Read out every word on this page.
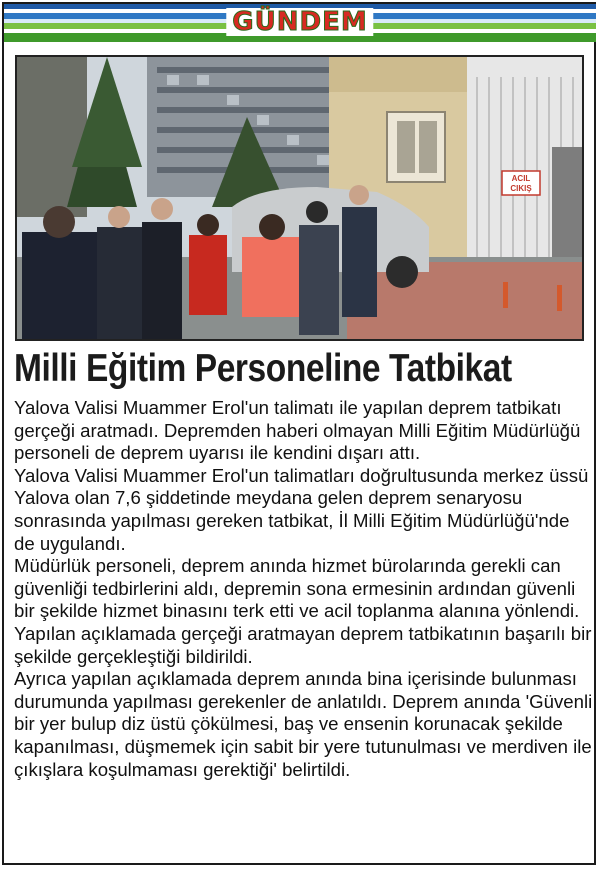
GÜNDEM
ACIL
CIKIŞ
Milli Eğitim Personeline Tatbikat

Yalova Valisi Muammer Erol'un talimatı ile yapılan deprem tatbikatı gerçeği aratmadı. Depremden haberi olmayan Milli Eğitim Müdürlüğü personeli de deprem uyarısı ile kendini dışarı attı.

Yalova Valisi Muammer Erol'un talimatları doğrultusunda merkez üssü Yalova olan 7,6 şiddetinde meydana gelen deprem senaryosu sonrasında yapılması gereken tatbikat, İl Milli Eğitim Müdürlüğü'nde de uygulandı.

Müdürlük personeli, deprem anında hizmet bürolarında gerekli can güvenliği tedbirlerini aldı, depremin sona ermesinin ardından güvenli bir şekilde hizmet binasını terk etti ve acil toplanma alanına yönlendi. Yapılan açıklamada gerçeği aratmayan deprem tatbikatının başarılı bir şekilde gerçekleştiği bildirildi.

Ayrıca yapılan açıklamada deprem anında bina içerisinde bulunması durumunda yapılması gerekenler de anlatıldı. Deprem anında 'Güvenli bir yer bulup diz üstü çökülmesi, baş ve ensenin korunacak şekilde kapanılması, düşmemek için sabit bir yere tutunulması ve merdiven ile çıkışlara koşulmaması gerektiği' belirtildi.
